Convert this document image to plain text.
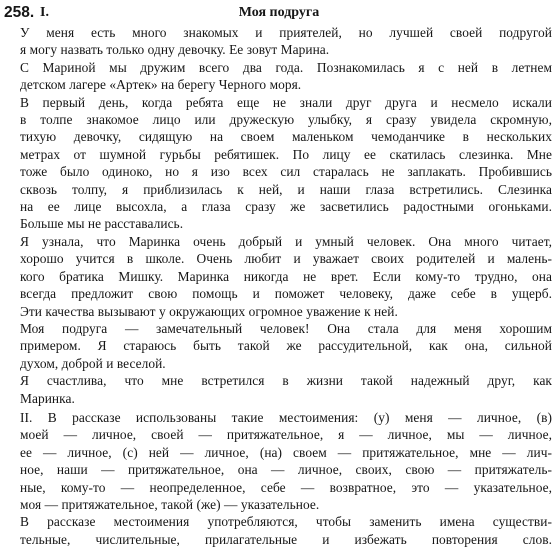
258. I.	Моя подруга
У меня есть много знакомых и приятелей, но лучшей своей подругой
я могу назвать только одну девочку. Ее зовут Марина.
С Мариной мы дружим всего два года. Познакомилась я с ней в летнем
детском лагере «Артек» на берегу Черного моря.
В первый день, когда ребята еще не знали друг друга и несмело искали
в толпе знакомое лицо или дружескую улыбку, я сразу увидела скромную,
тихую девочку, сидящую на своем маленьком чемоданчике в нескольких
метрах от шумной гурьбы ребятишек. По лицу ее скатилась слезинка. Мне
тоже было одиноко, но я изо всех сил старалась не заплакать. Пробившись
сквозь толпу, я приблизилась к ней, и наши глаза встретились. Слезинка
на ее лице высохла, а глаза сразу же засветились радостными огоньками.
Больше мы не расставались.
Я узнала, что Маринка очень добрый и умный человек. Она много читает,
хорошо учится в школе. Очень любит и уважает своих родителей и малень-
кого братика Мишку. Маринка никогда не врет. Если кому-то трудно, она
всегда предложит свою помощь и поможет человеку, даже себе в ущерб.
Эти качества вызывают у окружающих огромное уважение к ней.
Моя подруга — замечательный человек! Она стала для меня хорошим
примером. Я стараюсь быть такой же рассудительной, как она, сильной
духом, доброй и веселой.
Я счастлива, что мне встретился в жизни такой надежный друг, как
Маринка.
II. В рассказе использованы такие местоимения: (у) меня — личное, (в)
моей — личное, своей — притяжательное, я — личное, мы — личное,
ее — личное, (с) ней — личное, (на) своем — притяжательное, мне — лич-
ное, наши — притяжательное, она — личное, своих, свою — притяжатель-
ные, кому-то — неопределенное, себе — возвратное, это — указательное,
моя — притяжательное, такой (же) — указательное.
В рассказе местоимения употребляются, чтобы заменить имена существи-
тельные, числительные, прилагательные и избежать повторения слов.
